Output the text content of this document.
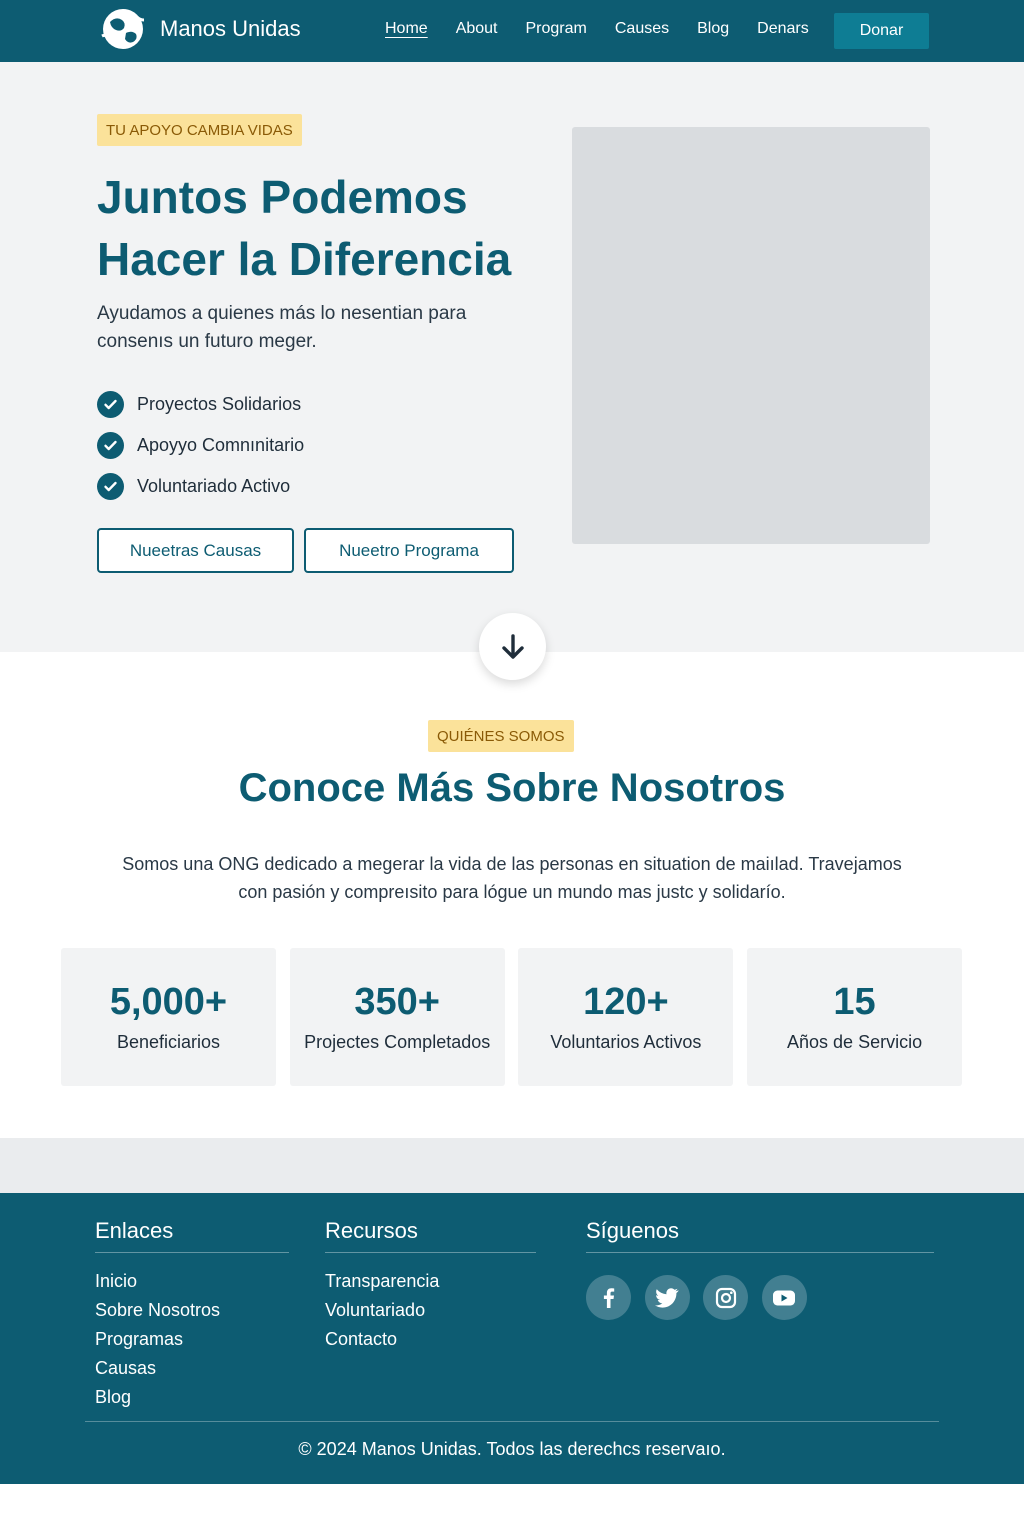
Manos Unidas	Home About Program Causes Blog Denars	Donar
TU APOYO CAMBIA VIDAS
Juntos Podemos Hacer la Diferencia

Ayudamos a quienes más lo nesentian para consenıs un futuro meger.

Proyectos Solidarios
Apoyyo Comnınitario
Voluntariado Activo
Nueetras Causas	Nueetro Programa
QUIÉNES SOMOS
Conoce Más Sobre Nosotros

Somos una ONG dedicado a megerar la vida de las personas en situation de maiılad. Travejamos con pasión y compreısito para lógue un mundo mas justc y solidarío.

5,000+
Beneficiarios
350+
Projectes Completados
120+
Voluntarios Activos
15
Años de Servicio
Enlaces
Inicio
Sobre Nosotros
Programas
Causas
Blog
Recursos
Transparencia
Voluntariado
Contacto
Síguenos
© 2024 Manos Unidas. Todos las derechcs reservaıo.
